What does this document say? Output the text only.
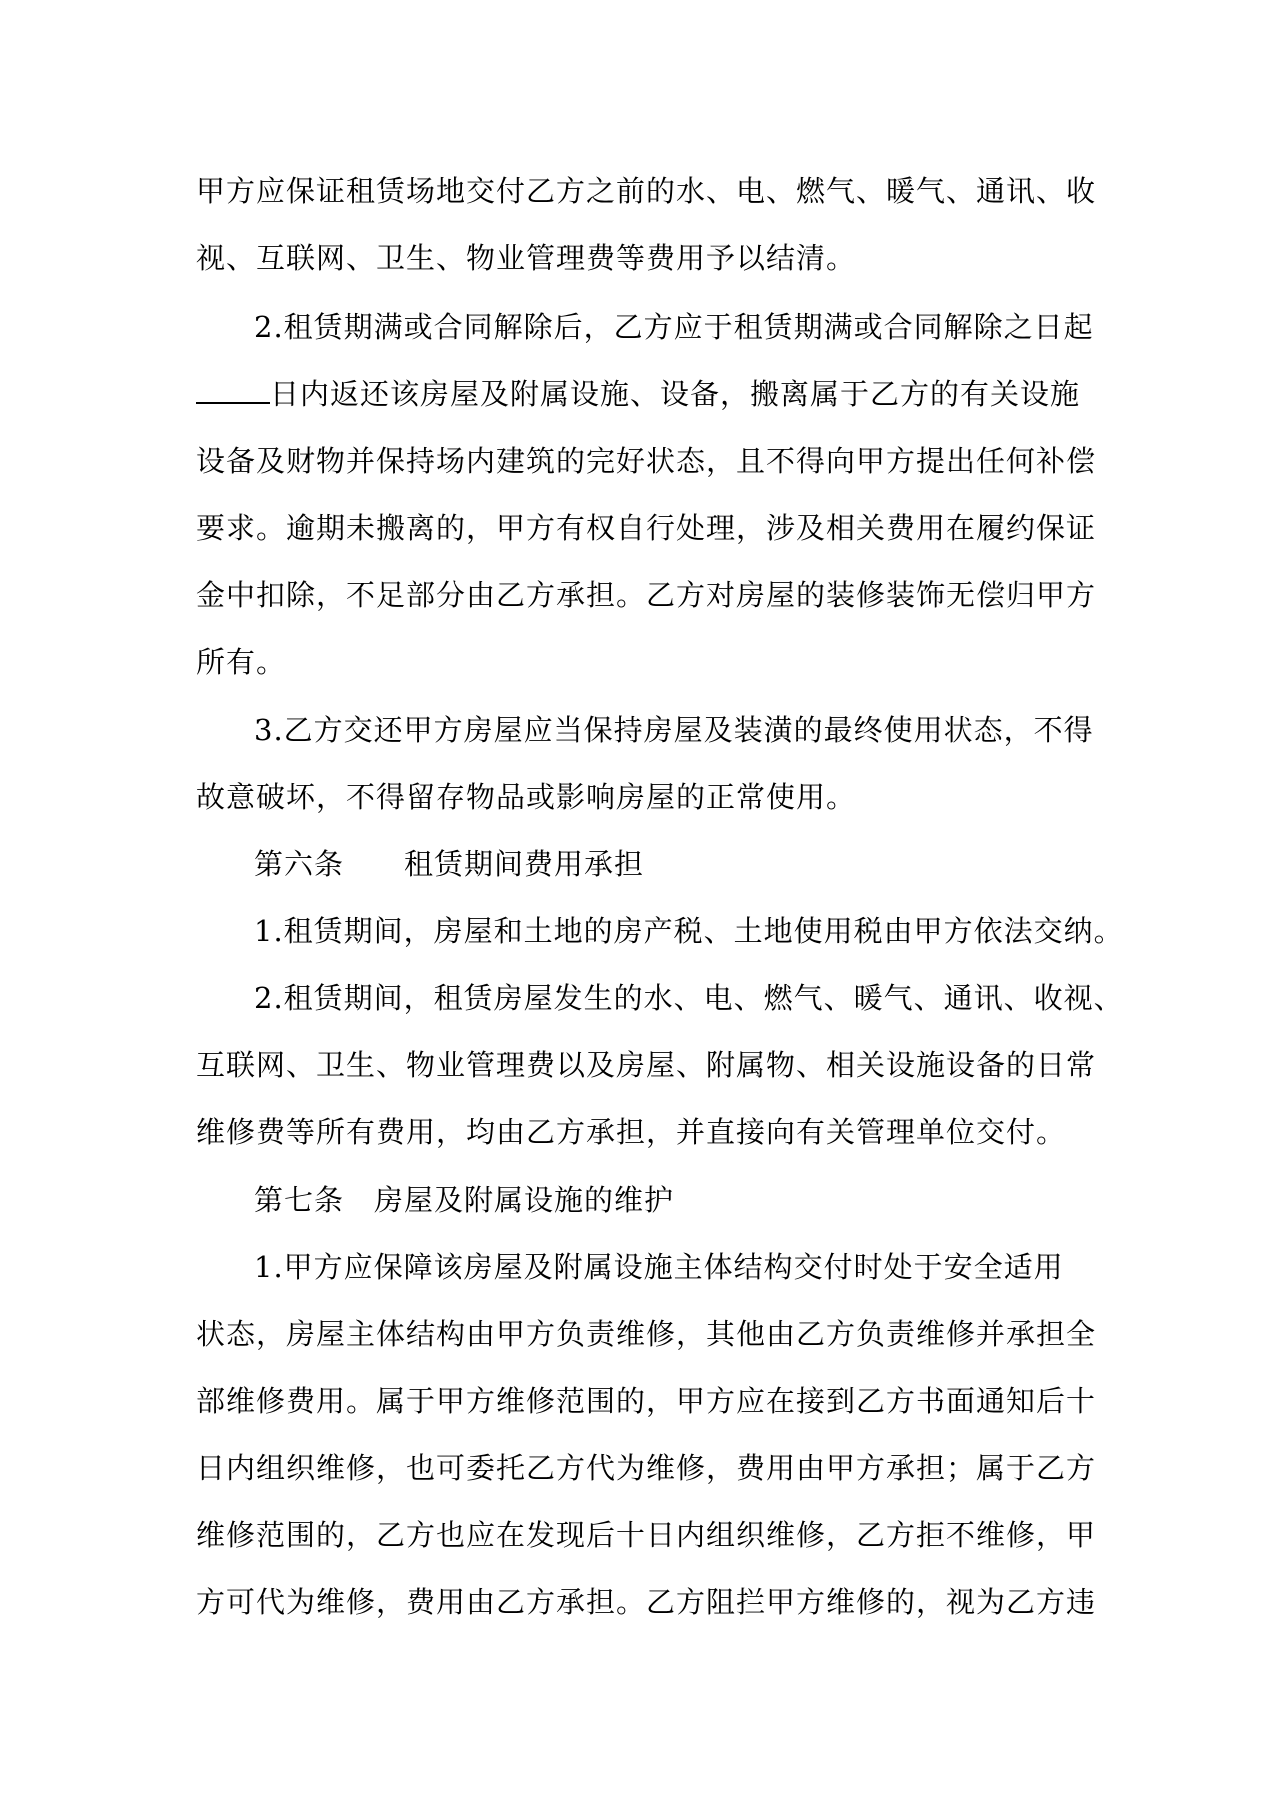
甲方应保证租赁场地交付乙方之前的水、电、燃气、暖气、通讯、收

视、互联网、卫生、物业管理费等费用予以结清。

2.租赁期满或合同解除后，乙方应于租赁期满或合同解除之日起

日内返还该房屋及附属设施、设备，搬离属于乙方的有关设施

设备及财物并保持场内建筑的完好状态，且不得向甲方提出任何补偿

要求。逾期未搬离的，甲方有权自行处理，涉及相关费用在履约保证

金中扣除，不足部分由乙方承担。乙方对房屋的装修装饰无偿归甲方

所有。

3.乙方交还甲方房屋应当保持房屋及装潢的最终使用状态，不得

故意破坏，不得留存物品或影响房屋的正常使用。

第六条　　租赁期间费用承担

1.租赁期间，房屋和土地的房产税、土地使用税由甲方依法交纳。

2.租赁期间，租赁房屋发生的水、电、燃气、暖气、通讯、收视、

互联网、卫生、物业管理费以及房屋、附属物、相关设施设备的日常

维修费等所有费用，均由乙方承担，并直接向有关管理单位交付。

第七条　房屋及附属设施的维护

1.甲方应保障该房屋及附属设施主体结构交付时处于安全适用

状态，房屋主体结构由甲方负责维修，其他由乙方负责维修并承担全

部维修费用。属于甲方维修范围的，甲方应在接到乙方书面通知后十

日内组织维修，也可委托乙方代为维修，费用由甲方承担；属于乙方

维修范围的，乙方也应在发现后十日内组织维修，乙方拒不维修，甲

方可代为维修，费用由乙方承担。乙方阻拦甲方维修的，视为乙方违
